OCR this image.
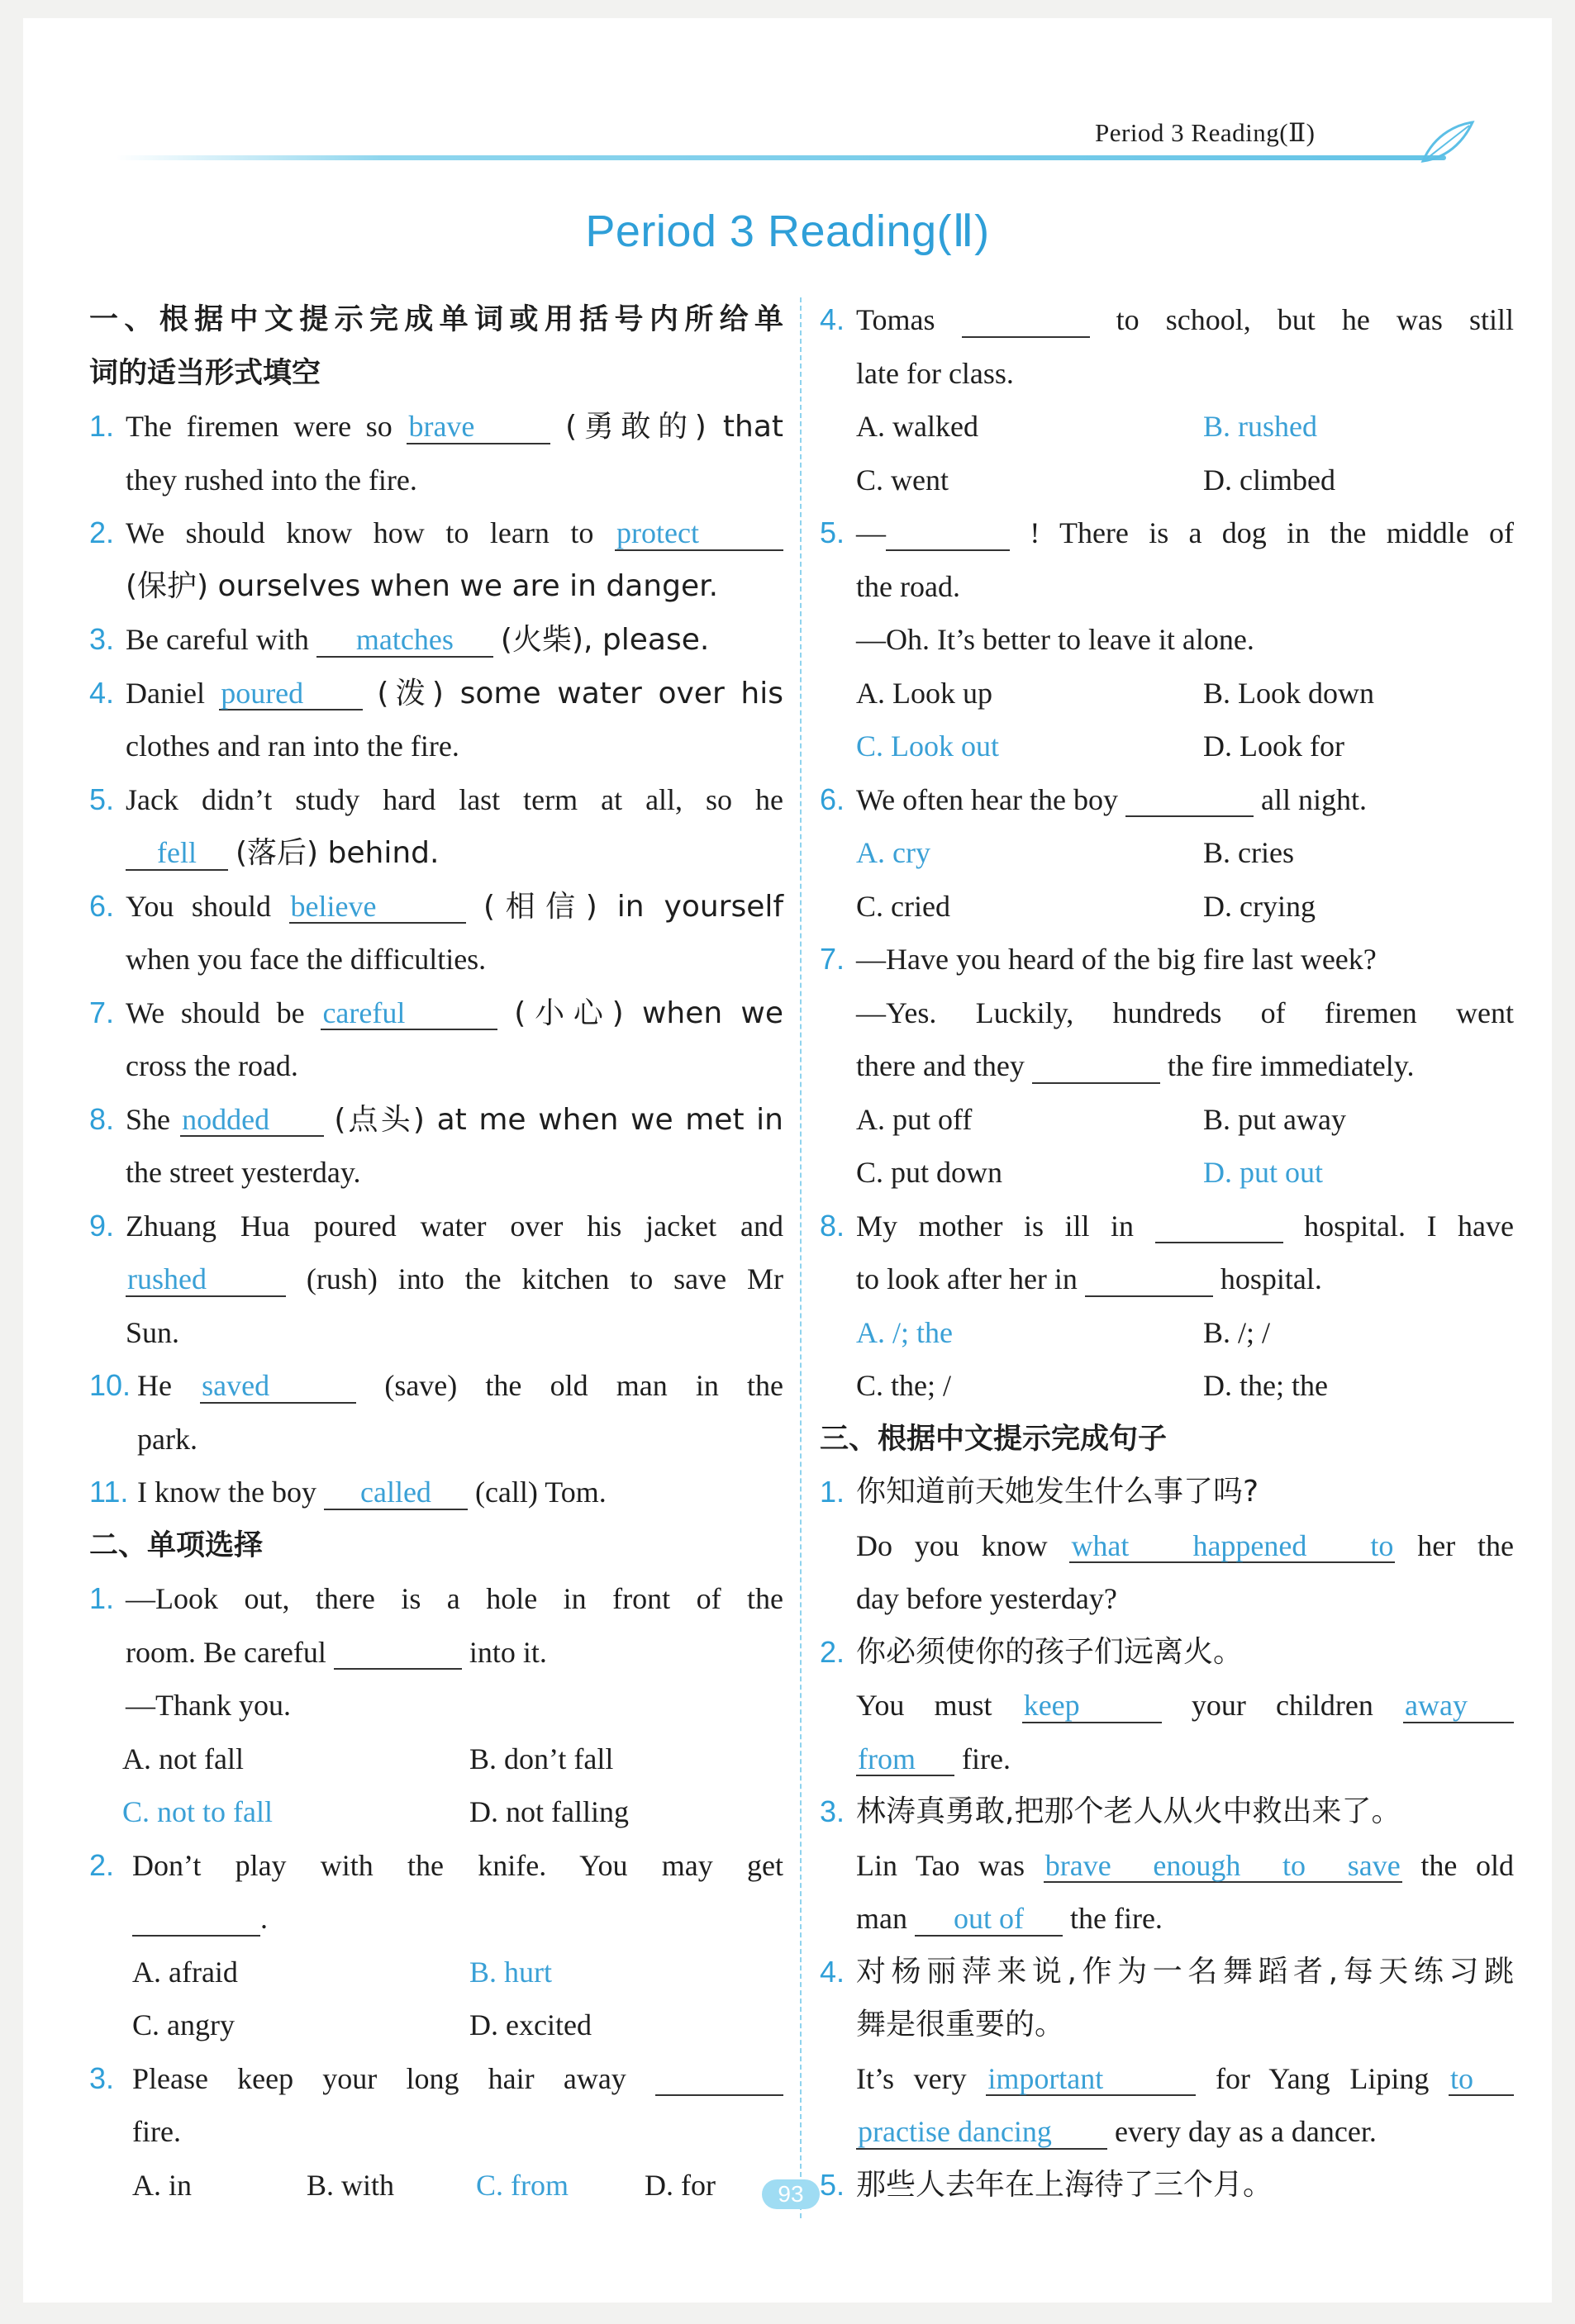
Period 3 Reading(Ⅱ)
Period 3 Reading(Ⅱ)
一、根据中文提示完成单词或用括号内所给单
词的适当形式填空
1. The firemen were so brave	(勇敢的) that
they rushed into the fire.
2. We should know how to learn to protect
(保护) ourselves when we are in danger.
3. Be careful with matches (火柴), please.
4. Daniel poured (泼) some water over his
clothes and ran into the fire.
5. Jack didn’t study hard last term at all, so he
fell (落后) behind.
6. You should believe	(相信) in yourself
when you face the difficulties.
7. We should be careful	(小心) when we
cross the road.
8. She nodded (点头) at me when we met in
the street yesterday.
9. Zhuang Hua poured water over his jacket and
rushed	(rush) into the kitchen to save Mr
Sun.
10. He saved	(save) the old man in the
park.
11. I know the boy called (call) Tom.
二、单项选择
1. —Look out, there is a hole in front of the
room. Be careful	into it.
—Thank you.
A. not fall	B. don’t fall
C. not to fall	D. not falling
2. Don’t play with the knife. You may get
.
A. afraid	B. hurt
C. angry	D. excited
3. Please keep your long hair away
fire.
A. in	B. with	C. from	D. for
4. Tomas	to school, but he was still
late for class.
A. walked	B. rushed
C. went	D. climbed
5. —	! There is a dog in the middle of
the road.
—Oh. It’s better to leave it alone.
A. Look up	B. Look down
C. Look out	D. Look for
6. We often hear the boy	all night.
A. cry	B. cries
C. cried	D. crying
7. —Have you heard of the big fire last week?
—Yes. Luckily, hundreds of firemen went
there and they	the fire immediately.
A. put off	B. put away
C. put down	D. put out
8. My mother is ill in	hospital. I have
to look after her in	hospital.
A. /; the	B. /; /
C. the; /	D. the; the
三、根据中文提示完成句子
1. 你知道前天她发生什么事了吗?
Do you know what happened to her the
day before yesterday?
2. 你必须使你的孩子们远离火。
You must keep	your children away
from fire.
3. 林涛真勇敢,把那个老人从火中救出来了。
Lin Tao was brave enough to save the old
man out of the fire.
4. 对杨丽萍来说,作为一名舞蹈者,每天练习跳
舞是很重要的。
It’s very important	for Yang Liping to
practise dancing every day as a dancer.
5. 那些人去年在上海待了三个月。
93
